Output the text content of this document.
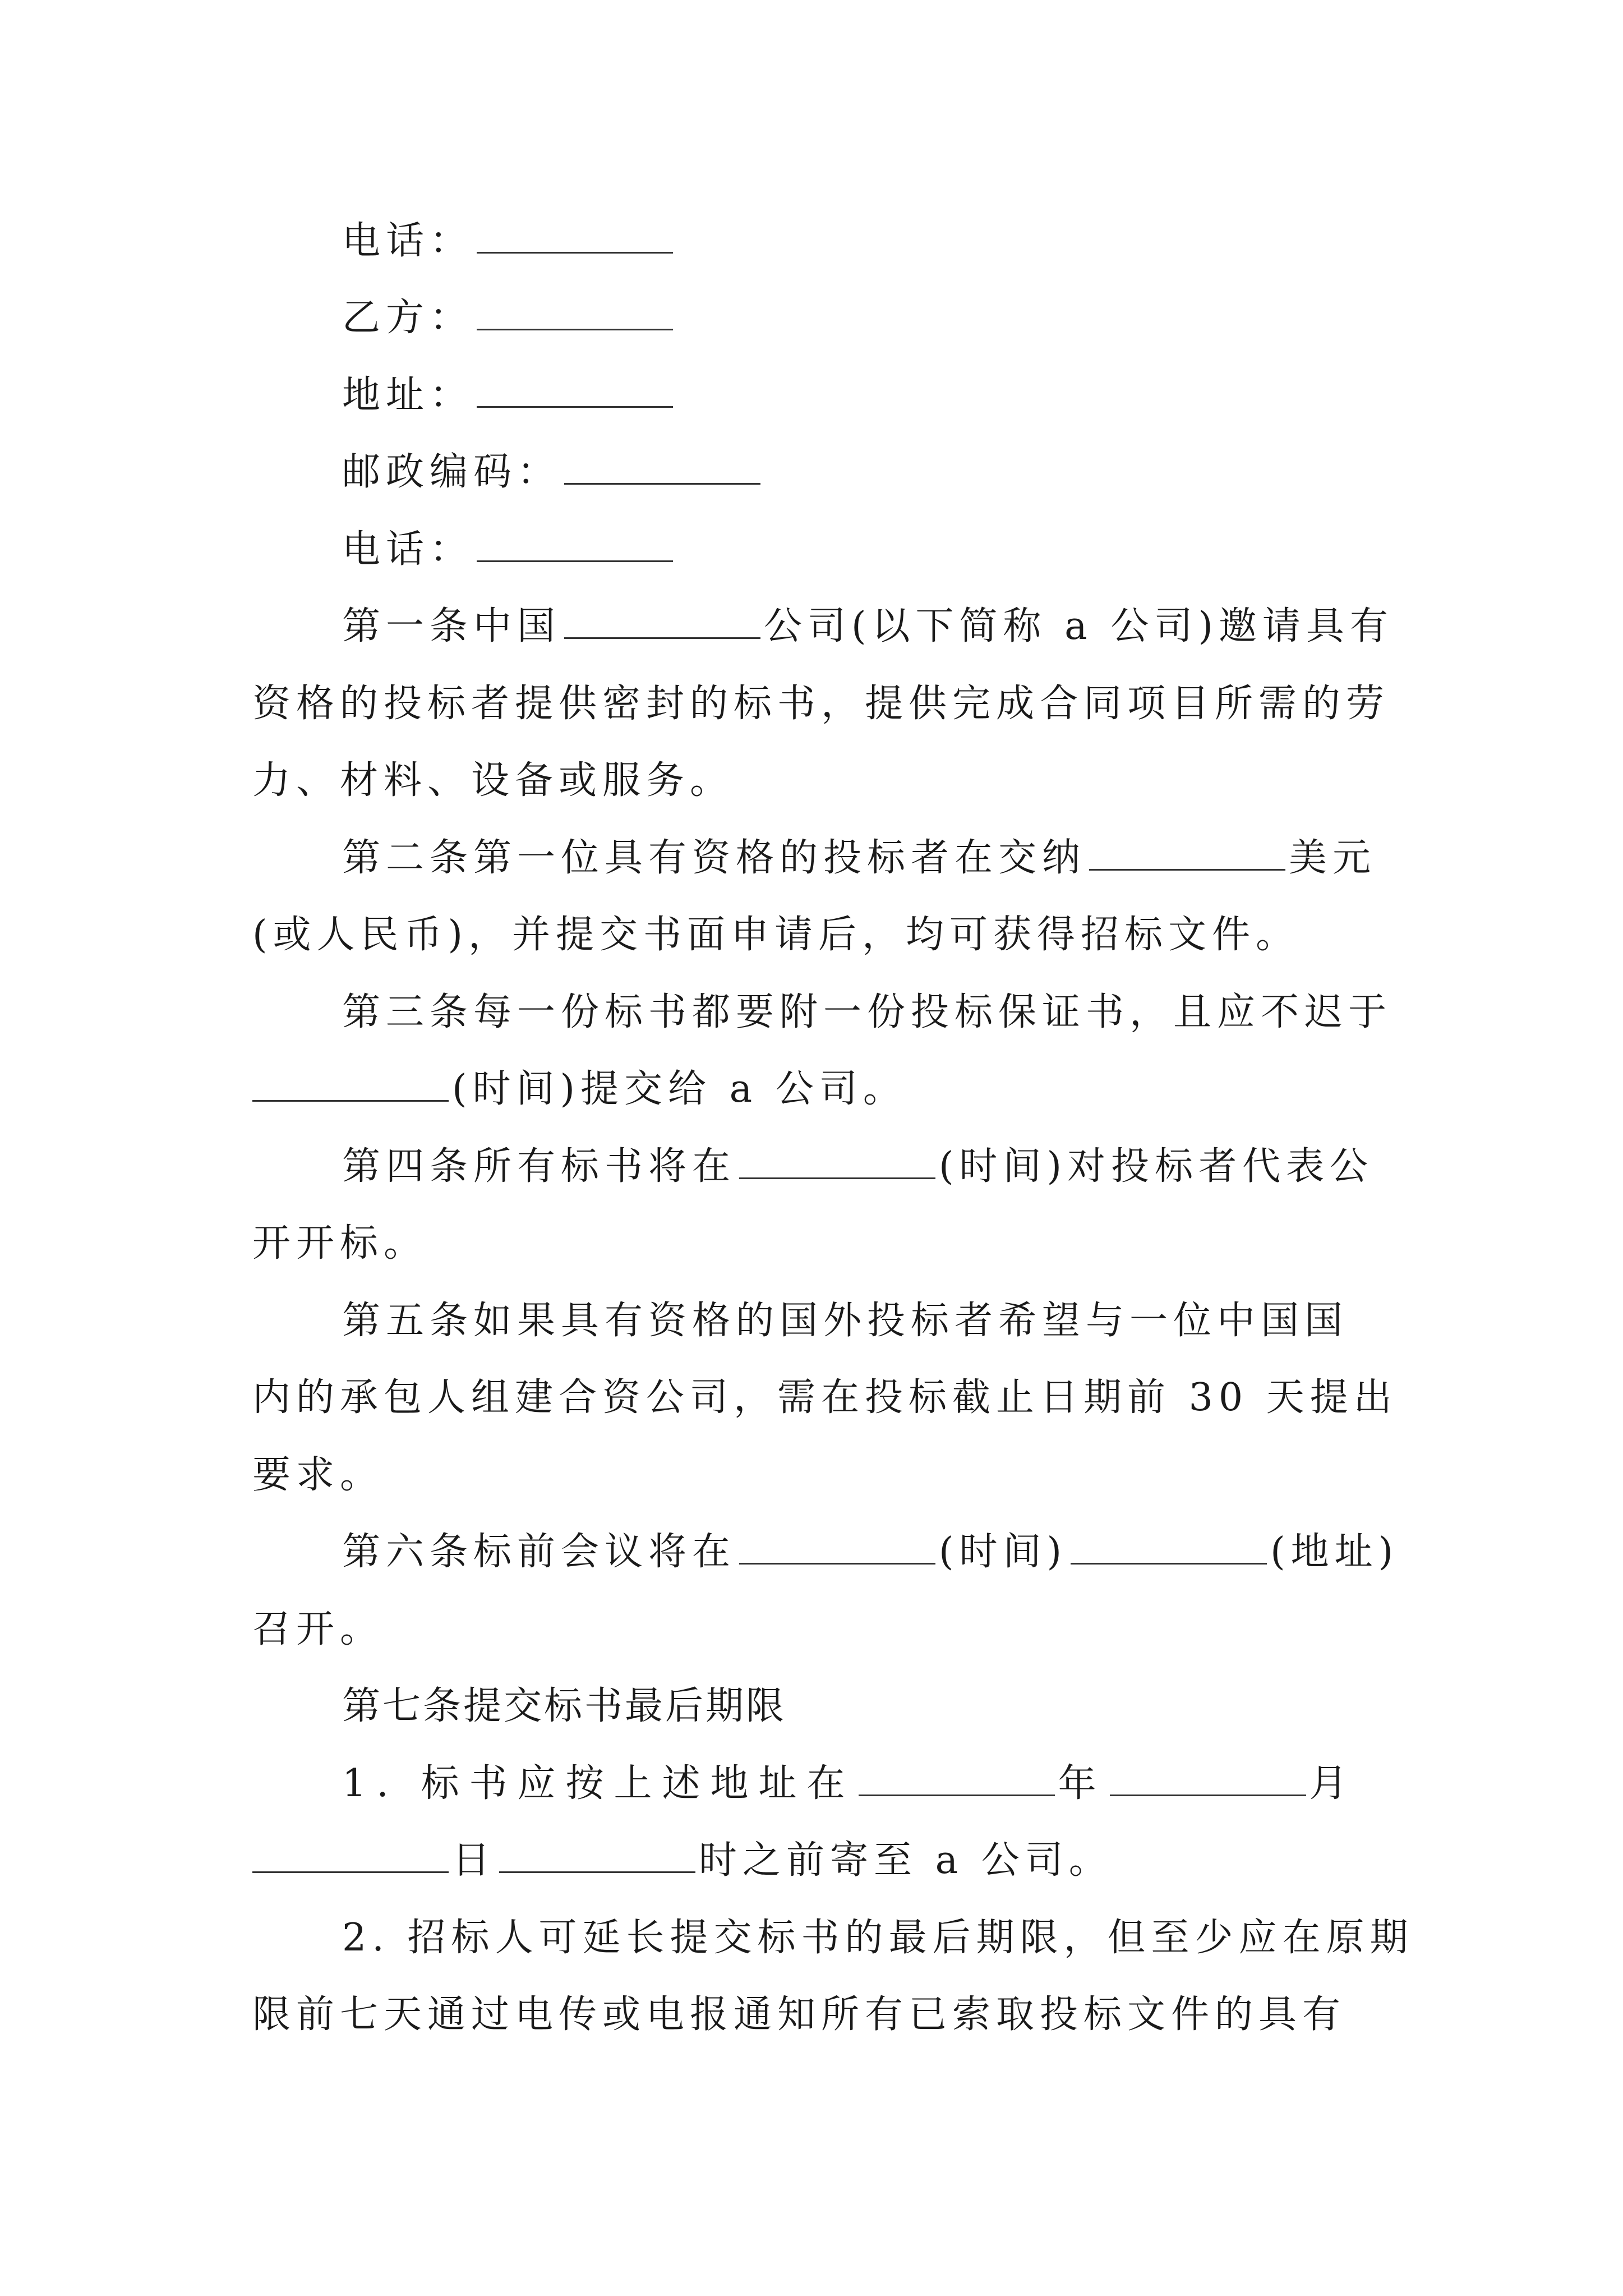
电话：
乙方：
地址：
邮政编码：
电话：
第一条中国	公司(以下简称 a 公司)邀请具有
资格的投标者提供密封的标书，提供完成合同项目所需的劳
力、材料、设备或服务。
第二条第一位具有资格的投标者在交纳	美元
(或人民币)，并提交书面申请后，均可获得招标文件。
第三条每一份标书都要附一份投标保证书，且应不迟于
(时间)提交给 a 公司。
第四条所有标书将在	(时间)对投标者代表公
开开标。
第五条如果具有资格的国外投标者希望与一位中国国
内的承包人组建合资公司，需在投标截止日期前 30 天提出
要求。
第六条标前会议将在	(时间)	(地址)
召开。
第七条提交标书最后期限
1. 标书应按上述地址在	年	月
日	时之前寄至 a 公司。
2. 招标人可延长提交标书的最后期限，但至少应在原期
限前七天通过电传或电报通知所有已索取投标文件的具有
